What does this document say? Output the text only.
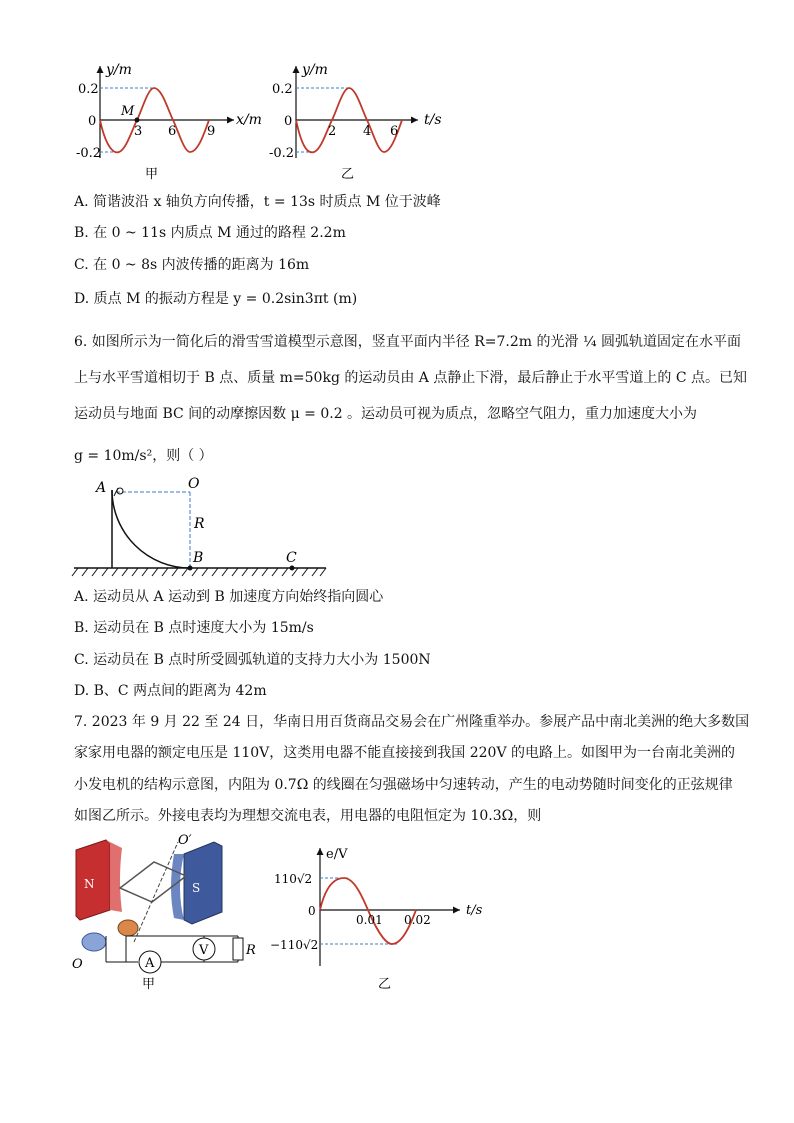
y/m
x/m
0.2
-0.2
0
M
3 6 9
甲
y/m
t/s
0.2
-0.2
0
2 4 6
乙
A. 简谐波沿 x 轴负方向传播，t = 13s 时质点 M 位于波峰
B. 在 0 ~ 11s 内质点 M 通过的路程 2.2m
C. 在 0 ~ 8s 内波传播的距离为 16m
D. 质点 M 的振动方程是 y = 0.2sin3πt (m)
6. 如图所示为一简化后的滑雪雪道模型示意图，竖直平面内半径 R=7.2m 的光滑 ¼ 圆弧轨道固定在水平面
上与水平雪道相切于 B 点、质量 m=50kg 的运动员由 A 点静止下滑，最后静止于水平雪道上的 C 点。已知
运动员与地面 BC 间的动摩擦因数 μ = 0.2 。运动员可视为质点，忽略空气阻力，重力加速度大小为
g = 10m/s²，则（ ）
A	O
R
B	C
A. 运动员从 A 运动到 B 加速度方向始终指向圆心
B. 运动员在 B 点时速度大小为 15m/s
C. 运动员在 B 点时所受圆弧轨道的支持力大小为 1500N
D. B、C 两点间的距离为 42m
7. 2023 年 9 月 22 至 24 日，华南日用百货商品交易会在广州隆重举办。参展产品中南北美洲的绝大多数国
家家用电器的额定电压是 110V，这类用电器不能直接接到我国 220V 的电路上。如图甲为一台南北美洲的
小发电机的结构示意图，内阻为 0.7Ω 的线圈在匀强磁场中匀速转动，产生的电动势随时间变化的正弦规律
如图乙所示。外接电表均为理想交流电表，用电器的电阻恒定为 10.3Ω，则
N	S
O′
O	A
V	R
甲
e/V
t/s
110√2
−110√2
0
0.01 0.02
乙
